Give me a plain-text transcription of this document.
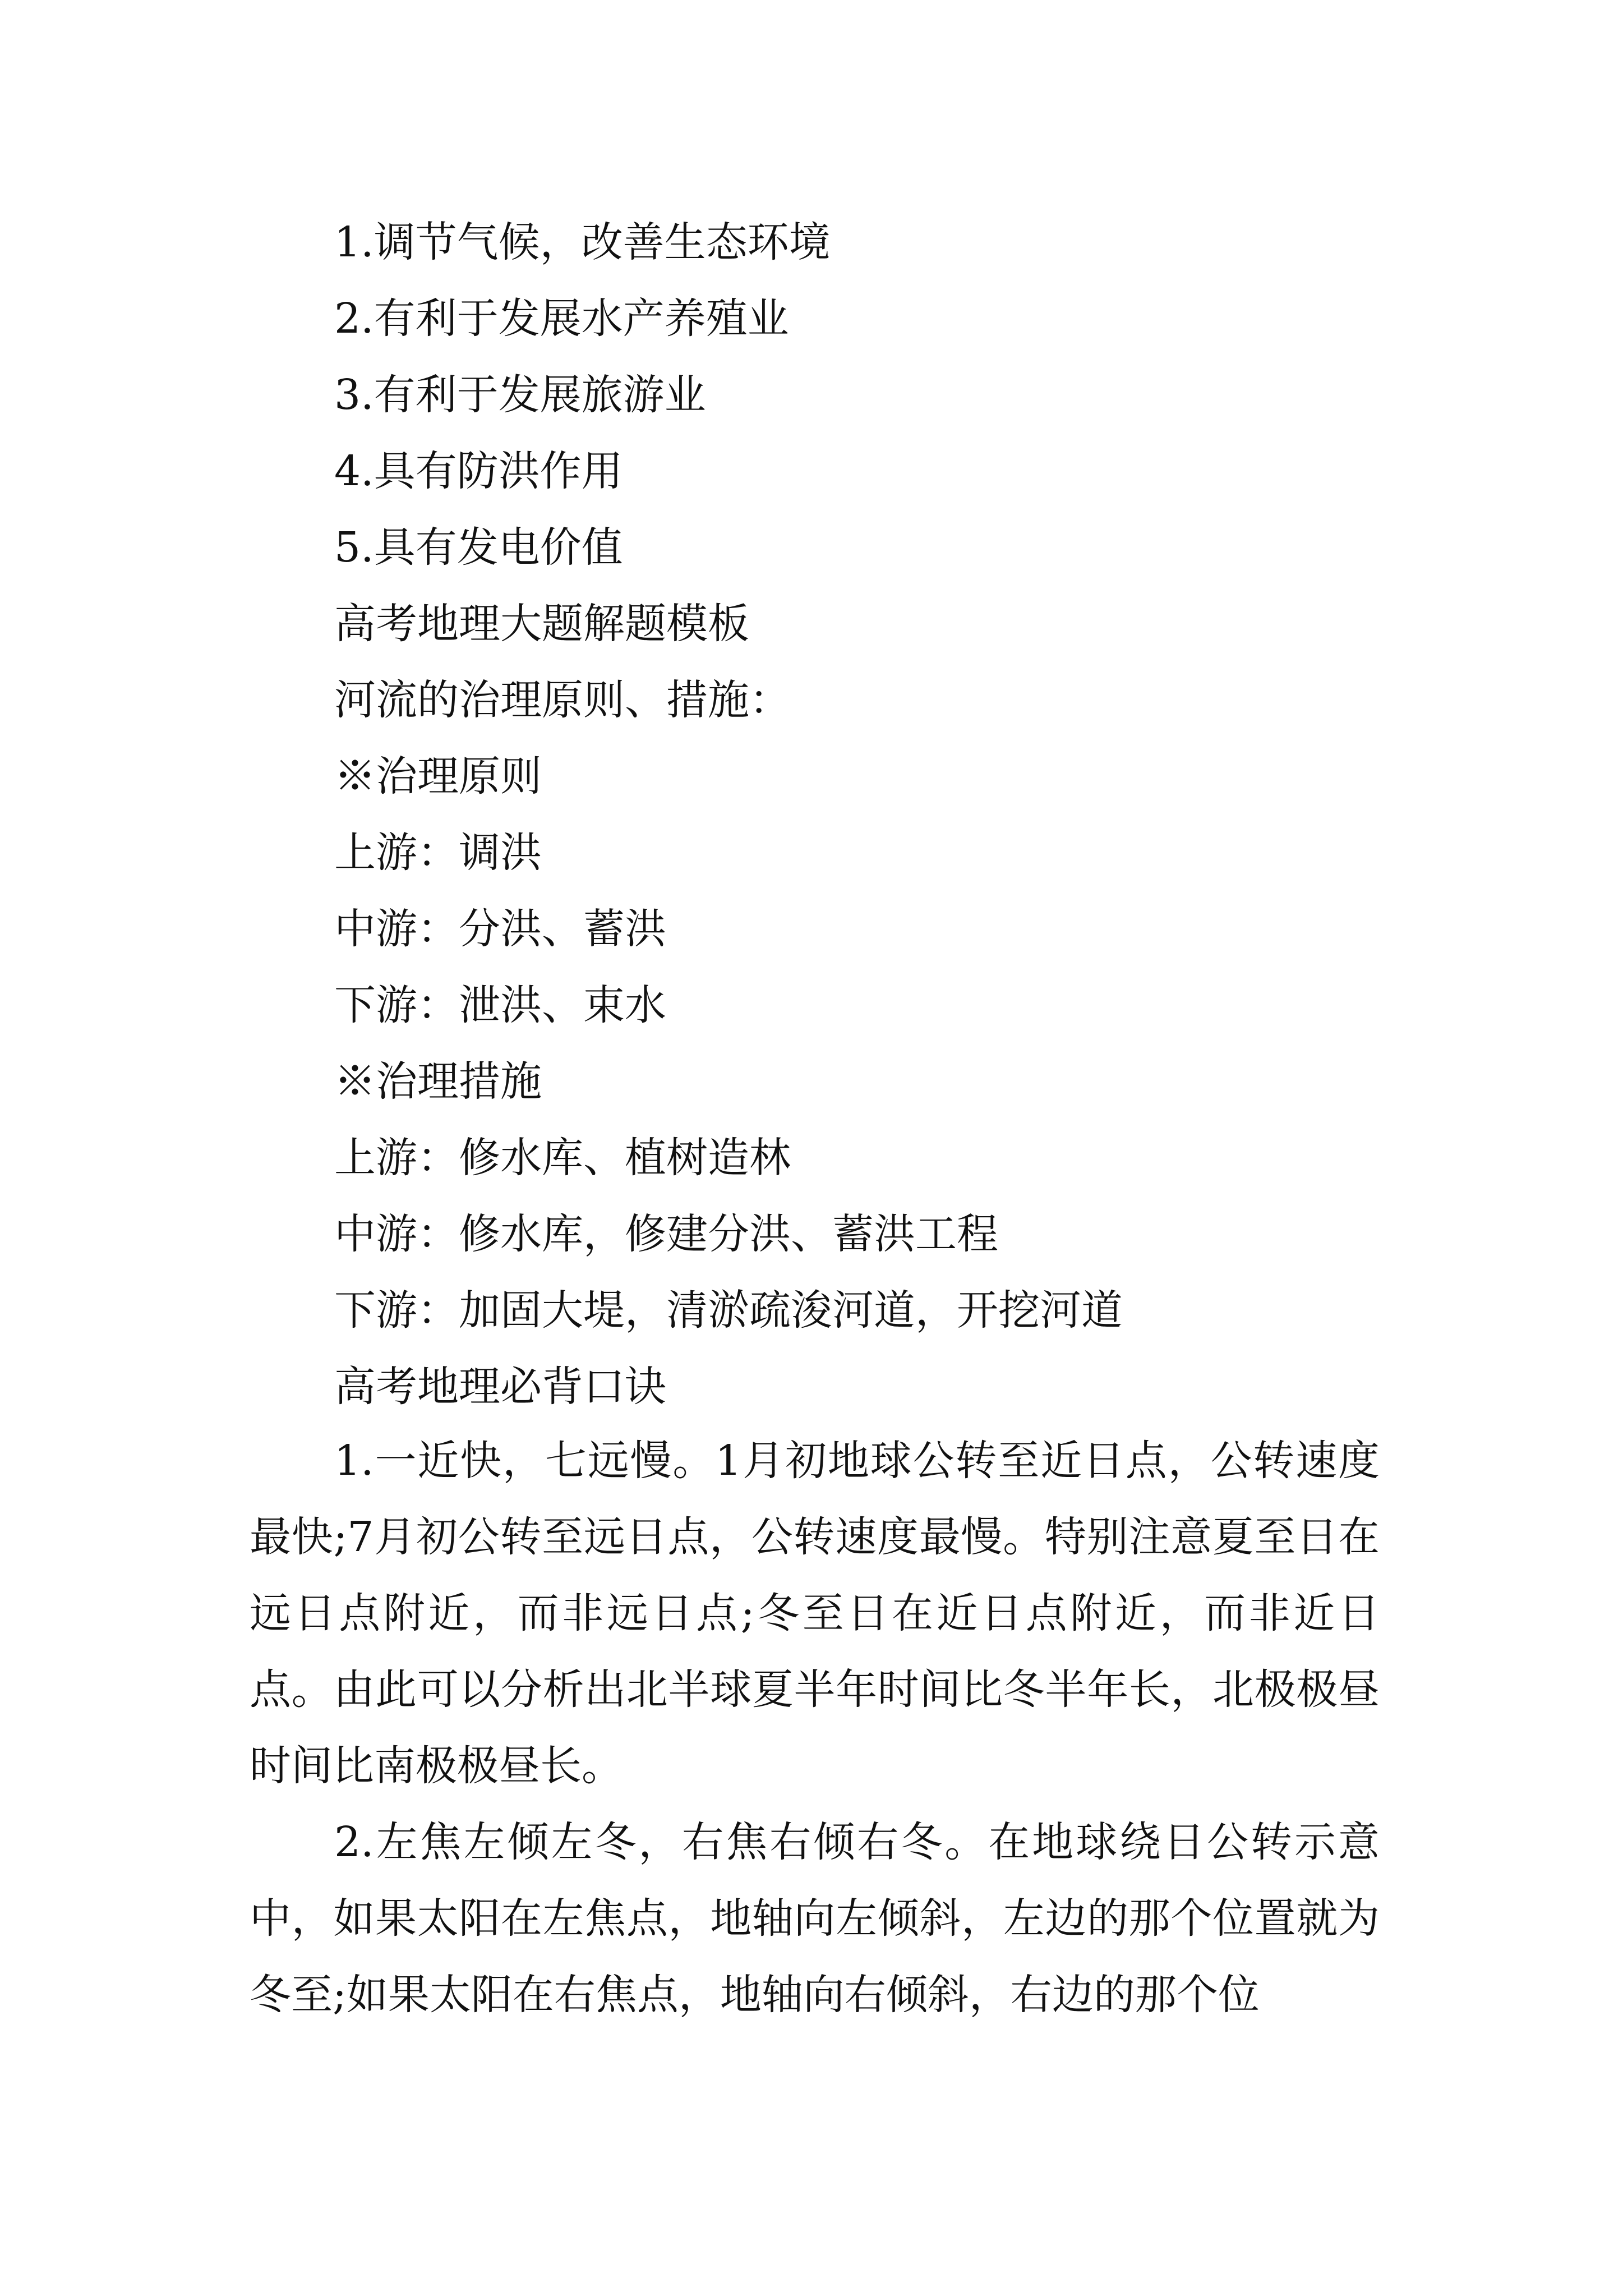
1.调节气候，改善生态环境

2.有利于发展水产养殖业

3.有利于发展旅游业

4.具有防洪作用

5.具有发电价值

高考地理大题解题模板

河流的治理原则、措施：

※治理原则

上游：调洪

中游：分洪、蓄洪

下游：泄洪、束水

※治理措施

上游：修水库、植树造林

中游：修水库，修建分洪、蓄洪工程

下游：加固大堤，清淤疏浚河道，开挖河道

高考地理必背口诀

1.一近快，七远慢。1月初地球公转至近日点，公转速度最快;7月初公转至远日点，公转速度最慢。特别注意夏至日在远日点附近，而非远日点;冬至日在近日点附近，而非近日点。由此可以分析出北半球夏半年时间比冬半年长，北极极昼时间比南极极昼长。

2.左焦左倾左冬，右焦右倾右冬。在地球绕日公转示意中，如果太阳在左焦点，地轴向左倾斜，左边的那个位置就为冬至;如果太阳在右焦点，地轴向右倾斜，右边的那个位
